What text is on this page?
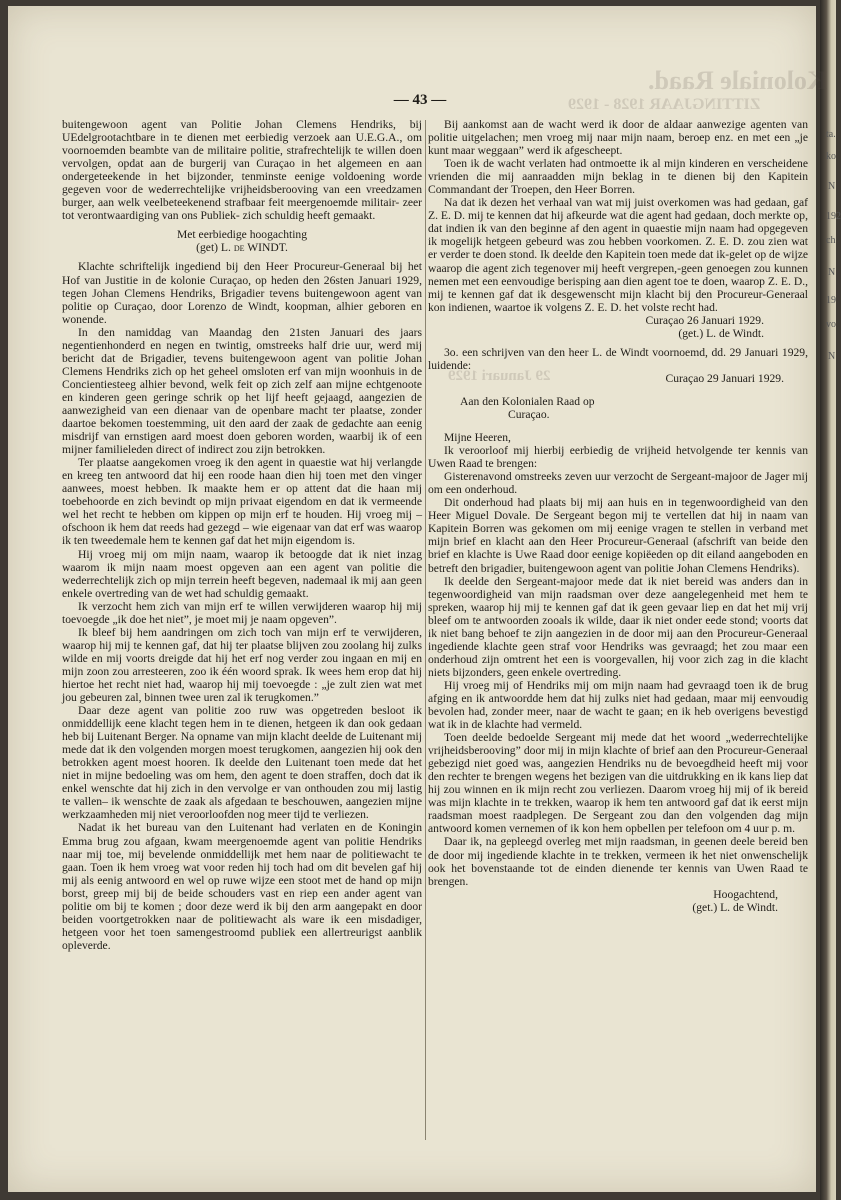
ta.
ko
N
192
ch
N
19
vo
N
Koloniale Raad.
ZITTINGJAAR 1928 - 1929
29 Januari 1929
— 43 —

buitengewoon agent van Politie Johan Clemens Hendriks, bij UEdelgrootachtbare in te dienen met eerbiedig verzoek aan U.E.G.A., om voornoemden beambte van de militaire politie, strafrechtelijk te willen doen vervolgen, opdat aan de burgerij van Curaçao in het algemeen en aan ondergeteekende in het bijzonder, tenminste eenige voldoening worde gegeven voor de wederrechtelijke vrijheidsberooving van een vreedzamen burger, aan welk veelbeteekenend strafbaar feit meergenoemde militair- zeer tot verontwaardiging van ons Publiek- zich schuldig heeft gemaakt.

Met eerbiedige hoogachting

(get) L. de WINDT.

Klachte schriftelijk ingediend bij den Heer Procureur-Generaal bij het Hof van Justitie in de kolonie Curaçao, op heden den 26sten Januari 1929, tegen Johan Clemens Hendriks, Brigadier tevens buitengewoon agent van politie op Curaçao, door Lorenzo de Windt, koopman, alhier geboren en wonende.

In den namiddag van Maandag den 21sten Januari des jaars negentienhonderd en negen en twintig, omstreeks half drie uur, werd mij bericht dat de Brigadier, tevens buitengewoon agent van politie Johan Clemens Hendriks zich op het geheel omsloten erf van mijn woonhuis in de Concientiesteeg alhier bevond, welk feit op zich zelf aan mijne echtgenoote en kinderen geen geringe schrik op het lijf heeft gejaagd, aangezien de aanwezigheid van een dienaar van de openbare macht ter plaatse, zonder daartoe bekomen toestemming, uit den aard der zaak de gedachte aan eenig misdrijf van ernstigen aard moest doen geboren worden, waarbij ik of een mijner familieleden direct of indirect zou zijn betrokken.

Ter plaatse aangekomen vroeg ik den agent in quaestie wat hij verlangde en kreeg ten antwoord dat hij een roode haan dien hij toen met den vinger aanwees, moest hebben. Ik maakte hem er op attent dat die haan mij toebehoorde en zich bevindt op mijn privaat eigendom en dat ik vermeende wel het recht te hebben om kippen op mijn erf te houden. Hij vroeg mij – ofschoon ik hem dat reeds had gezegd – wie eigenaar van dat erf was waarop ik ten tweedemale hem te kennen gaf dat het mijn eigendom is.

Hij vroeg mij om mijn naam, waarop ik betoogde dat ik niet inzag waarom ik mijn naam moest opgeven aan een agent van politie die wederrechtelijk zich op mijn terrein heeft begeven, nademaal ik mij aan geen enkele overtreding van de wet had schuldig gemaakt.

Ik verzocht hem zich van mijn erf te willen verwijderen waarop hij mij toevoegde „ik doe het niet”, je moet mij je naam opgeven”.

Ik bleef bij hem aandringen om zich toch van mijn erf te verwijderen, waarop hij mij te kennen gaf, dat hij ter plaatse blijven zou zoolang hij zulks wilde en mij voorts dreigde dat hij het erf nog verder zou ingaan en mij en mijn zoon zou arresteeren, zoo ik één woord sprak. Ik wees hem erop dat hij hiertoe het recht niet had, waarop hij mij toevoegde : „je zult zien wat met jou gebeuren zal, binnen twee uren zal ik terugkomen.”

Daar deze agent van politie zoo ruw was opgetreden besloot ik onmiddellijk eene klacht tegen hem in te dienen, hetgeen ik dan ook gedaan heb bij Luitenant Berger. Na opname van mijn klacht deelde de Luitenant mij mede dat ik den volgenden morgen moest terugkomen, aangezien hij ook den betrokken agent moest hooren. Ik deelde den Luitenant toen mede dat het niet in mijne bedoeling was om hem, den agent te doen straffen, doch dat ik enkel wenschte dat hij zich in den vervolge er van onthouden zou mij lastig te vallen– ik wenschte de zaak als afgedaan te beschouwen, aangezien mijne werkzaamheden mij niet veroorloofden nog meer tijd te verliezen.

Nadat ik het bureau van den Luitenant had verlaten en de Koningin Emma brug zou afgaan, kwam meergenoemde agent van politie Hendriks naar mij toe, mij bevelende onmiddellijk met hem naar de politiewacht te gaan. Toen ik hem vroeg wat voor reden hij toch had om dit bevelen gaf hij mij als eenig antwoord en wel op ruwe wijze een stoot met de hand op mijn borst, greep mij bij de beide schouders vast en riep een ander agent van politie om bij te komen ; door deze werd ik bij den arm aangepakt en door beiden voortgetrokken naar de politiewacht als ware ik een misdadiger, hetgeen voor het toen samengestroomd publiek een allertreurigst aanblik opleverde.

Bij aankomst aan de wacht werd ik door de aldaar aanwezige agenten van politie uitgelachen; men vroeg mij naar mijn naam, beroep enz. en met een „je kunt maar weggaan” werd ik afgescheept.

Toen ik de wacht verlaten had ontmoette ik al mijn kinderen en verscheidene vrienden die mij aanraadden mijn beklag in te dienen bij den Kapitein Commandant der Troepen, den Heer Borren.

Na dat ik dezen het verhaal van wat mij juist overkomen was had gedaan, gaf Z. E. D. mij te kennen dat hij afkeurde wat die agent had gedaan, doch merkte op, dat indien ik van den beginne af den agent in quaestie mijn naam had opgegeven ik mogelijk hetgeen gebeurd was zou hebben voorkomen. Z. E. D. zou zien wat er verder te doen stond. Ik deelde den Kapitein toen mede dat ik-gelet op de wijze waarop die agent zich tegenover mij heeft vergrepen,-geen genoegen zou kunnen nemen met een eenvoudige berisping aan dien agent toe te doen, waarop Z. E. D., mij te kennen gaf dat ik desgewenscht mijn klacht bij den Procureur-Generaal kon indienen, waartoe ik volgens Z. E. D. het volste recht had.

Curaçao 26 Januari 1929.

(get.) L. de Windt.

3o. een schrijven van den heer L. de Windt voornoemd, dd. 29 Januari 1929, luidende:

Curaçao 29 Januari 1929.

Aan den Kolonialen Raad op

Curaçao.

Mijne Heeren,

Ik veroorloof mij hierbij eerbiedig de vrijheid hetvolgende ter kennis van Uwen Raad te brengen:

Gisterenavond omstreeks zeven uur verzocht de Sergeant-majoor de Jager mij om een onderhoud.

Dit onderhoud had plaats bij mij aan huis en in tegenwoordigheid van den Heer Miguel Dovale. De Sergeant begon mij te vertellen dat hij in naam van Kapitein Borren was gekomen om mij eenige vragen te stellen in verband met mijn brief en klacht aan den Heer Procureur-Generaal (afschrift van beide den brief en klachte is Uwe Raad door eenige kopiëeden op dit eiland aangeboden en betreft den brigadier, buitengewoon agent van politie Johan Clemens Hendriks).

Ik deelde den Sergeant-majoor mede dat ik niet bereid was anders dan in tegenwoordigheid van mijn raadsman over deze aangelegenheid met hem te spreken, waarop hij mij te kennen gaf dat ik geen gevaar liep en dat het mij vrij bleef om te antwoorden zooals ik wilde, daar ik niet onder eede stond; voorts dat ik niet bang behoef te zijn aangezien in de door mij aan den Procureur-Generaal ingediende klachte geen straf voor Hendriks was gevraagd; het zou maar een onderhoud zijn omtrent het een is voorgevallen, hij voor zich zag in die klacht niets bijzonders, geen enkele overtreding.

Hij vroeg mij of Hendriks mij om mijn naam had gevraagd toen ik de brug afging en ik antwoordde hem dat hij zulks niet had gedaan, maar mij eenvoudig bevolen had, zonder meer, naar de wacht te gaan; en ik heb overigens bevestigd wat ik in de klachte had vermeld.

Toen deelde bedoelde Sergeant mij mede dat het woord „wederrechtelijke vrijheidsberooving” door mij in mijn klachte of brief aan den Procureur-Generaal gebezigd niet goed was, aangezien Hendriks nu de bevoegdheid heeft mij voor den rechter te brengen wegens het bezigen van die uitdrukking en ik kans liep dat hij zou winnen en ik mijn recht zou verliezen. Daarom vroeg hij mij of ik bereid was mijn klachte in te trekken, waarop ik hem ten antwoord gaf dat ik eerst mijn raadsman moest raadplegen. De Sergeant zou dan den volgenden dag mijn antwoord komen vernemen of ik kon hem opbellen per telefoon om 4 uur p. m.

Daar ik, na gepleegd overleg met mijn raadsman, in geenen deele bereid ben de door mij ingediende klachte in te trekken, vermeen ik het niet onwenschelijk ook het bovenstaande tot de einden dienende ter kennis van Uwen Raad te brengen.

Hoogachtend,

(get.) L. de Windt.
